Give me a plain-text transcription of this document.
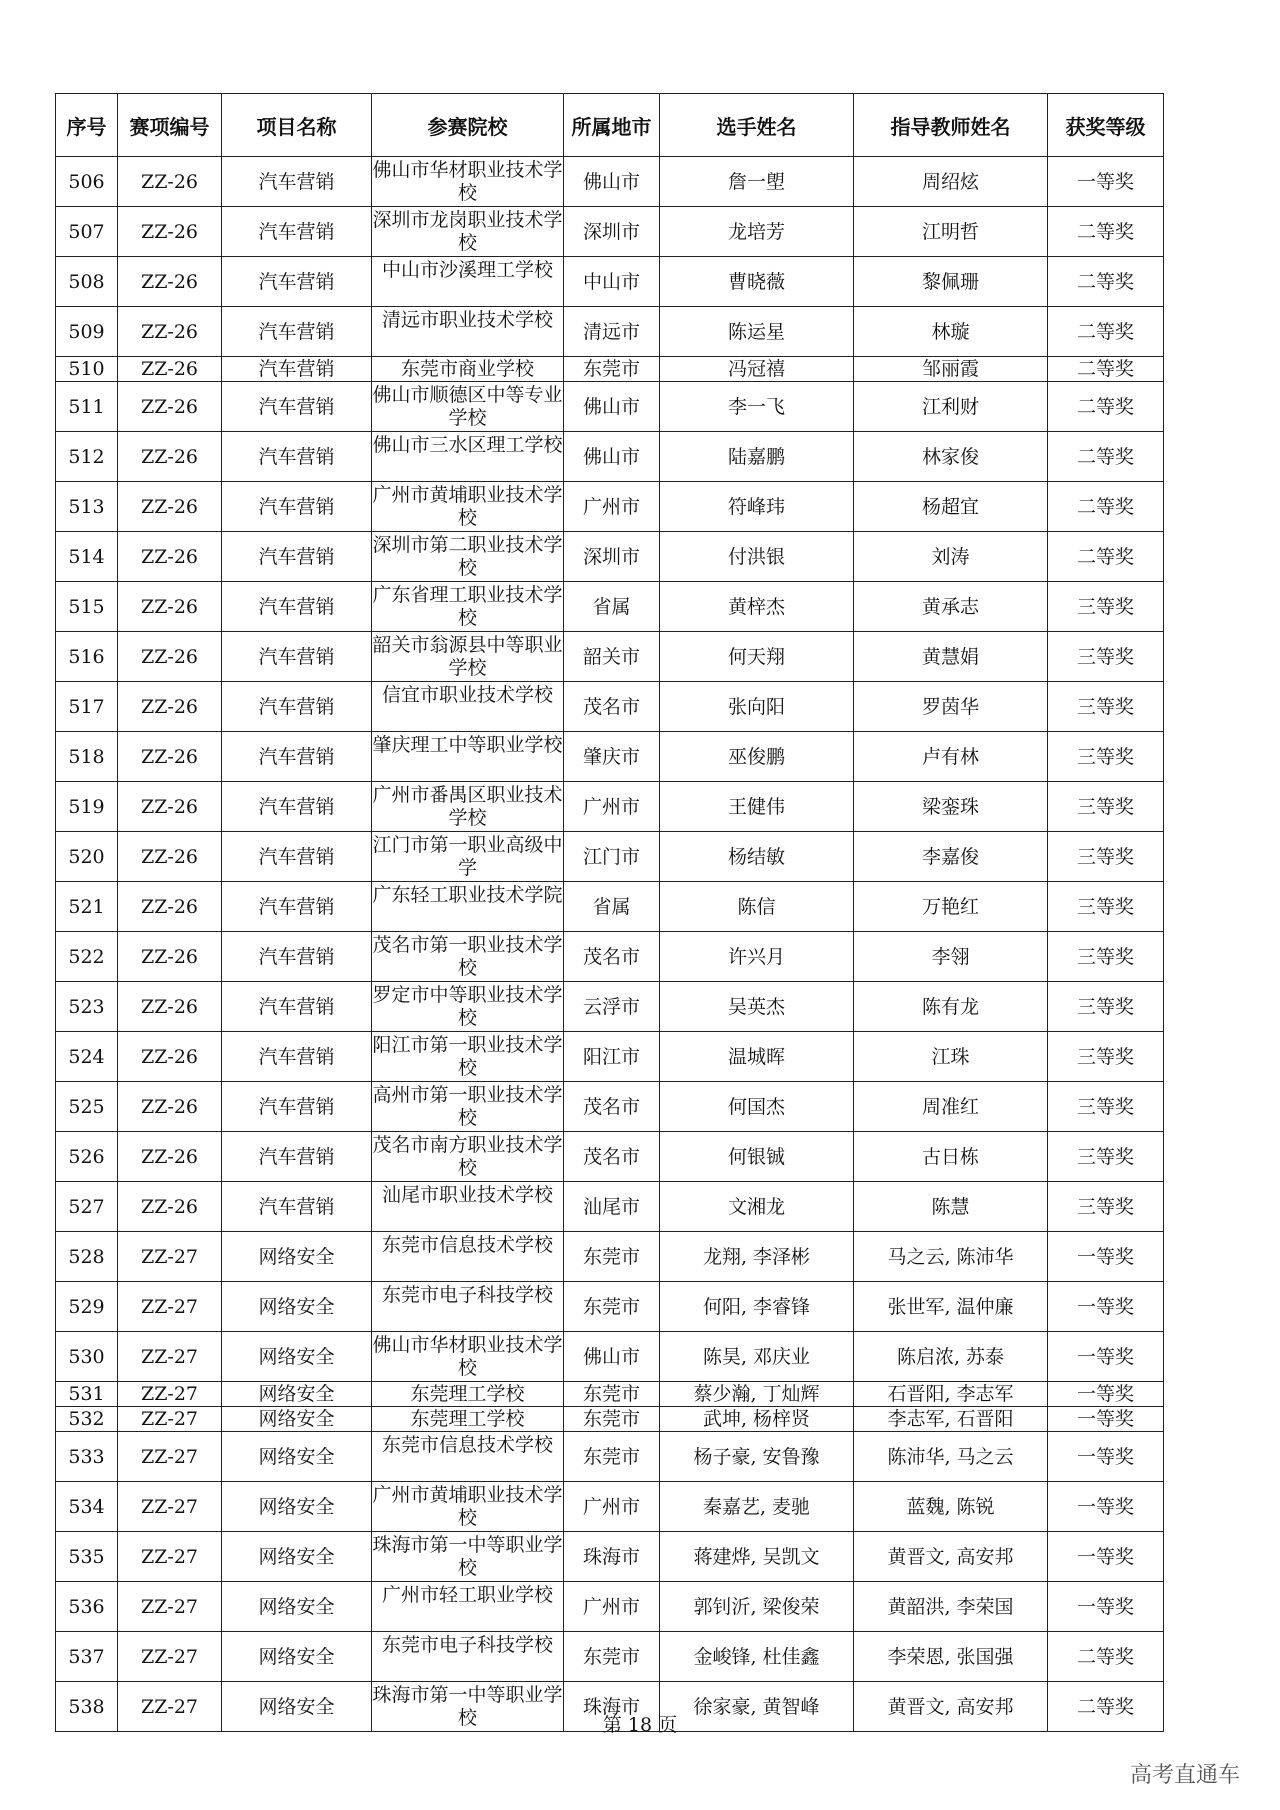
序号	赛项编号	项目名称	参赛院校	所属地市	选手姓名	指导教师姓名	获奖等级
506	ZZ-26	汽车营销	佛山市华材职业技术学校	佛山市	詹一塱	周绍炫	一等奖
507	ZZ-26	汽车营销	深圳市龙岗职业技术学校	深圳市	龙培芳	江明哲	二等奖
508	ZZ-26	汽车营销	中山市沙溪理工学校	中山市	曹晓薇	黎佩珊	二等奖
509	ZZ-26	汽车营销	清远市职业技术学校	清远市	陈运星	林璇	二等奖
510	ZZ-26	汽车营销	东莞市商业学校	东莞市	冯冠禧	邹丽霞	二等奖
511	ZZ-26	汽车营销	佛山市顺德区中等专业学校	佛山市	李一飞	江利财	二等奖
512	ZZ-26	汽车营销	佛山市三水区理工学校	佛山市	陆嘉鹏	林家俊	二等奖
513	ZZ-26	汽车营销	广州市黄埔职业技术学校	广州市	符峰玮	杨超宜	二等奖
514	ZZ-26	汽车营销	深圳市第二职业技术学校	深圳市	付洪银	刘涛	二等奖
515	ZZ-26	汽车营销	广东省理工职业技术学校	省属	黄梓杰	黄承志	三等奖
516	ZZ-26	汽车营销	韶关市翁源县中等职业学校	韶关市	何天翔	黄慧娟	三等奖
517	ZZ-26	汽车营销	信宜市职业技术学校	茂名市	张向阳	罗茵华	三等奖
518	ZZ-26	汽车营销	肇庆理工中等职业学校	肇庆市	巫俊鹏	卢有林	三等奖
519	ZZ-26	汽车营销	广州市番禺区职业技术学校	广州市	王健伟	梁銮珠	三等奖
520	ZZ-26	汽车营销	江门市第一职业高级中学	江门市	杨结敏	李嘉俊	三等奖
521	ZZ-26	汽车营销	广东轻工职业技术学院	省属	陈信	万艳红	三等奖
522	ZZ-26	汽车营销	茂名市第一职业技术学校	茂名市	许兴月	李翎	三等奖
523	ZZ-26	汽车营销	罗定市中等职业技术学校	云浮市	吴英杰	陈有龙	三等奖
524	ZZ-26	汽车营销	阳江市第一职业技术学校	阳江市	温城晖	江珠	三等奖
525	ZZ-26	汽车营销	高州市第一职业技术学校	茂名市	何国杰	周准红	三等奖
526	ZZ-26	汽车营销	茂名市南方职业技术学校	茂名市	何银铖	古日栋	三等奖
527	ZZ-26	汽车营销	汕尾市职业技术学校	汕尾市	文湘龙	陈慧	三等奖
528	ZZ-27	网络安全	东莞市信息技术学校	东莞市	龙翔, 李泽彬	马之云, 陈沛华	一等奖
529	ZZ-27	网络安全	东莞市电子科技学校	东莞市	何阳, 李睿锋	张世军, 温仲廉	一等奖
530	ZZ-27	网络安全	佛山市华材职业技术学校	佛山市	陈昊, 邓庆业	陈启浓, 苏泰	一等奖
531	ZZ-27	网络安全	东莞理工学校	东莞市	蔡少瀚, 丁灿辉	石晋阳, 李志军	一等奖
532	ZZ-27	网络安全	东莞理工学校	东莞市	武坤, 杨梓贤	李志军, 石晋阳	一等奖
533	ZZ-27	网络安全	东莞市信息技术学校	东莞市	杨子豪, 安鲁豫	陈沛华, 马之云	一等奖
534	ZZ-27	网络安全	广州市黄埔职业技术学校	广州市	秦嘉艺, 麦驰	蓝魏, 陈锐	一等奖
535	ZZ-27	网络安全	珠海市第一中等职业学校	珠海市	蒋建烨, 吴凯文	黄晋文, 高安邦	一等奖
536	ZZ-27	网络安全	广州市轻工职业学校	广州市	郭钊沂, 梁俊荣	黄韶洪, 李荣国	一等奖
537	ZZ-27	网络安全	东莞市电子科技学校	东莞市	金峻锋, 杜佳鑫	李荣恩, 张国强	二等奖
538	ZZ-27	网络安全	珠海市第一中等职业学校	珠海市	徐家豪, 黄智峰	黄晋文, 高安邦	二等奖
第 18 页
高考直通车
